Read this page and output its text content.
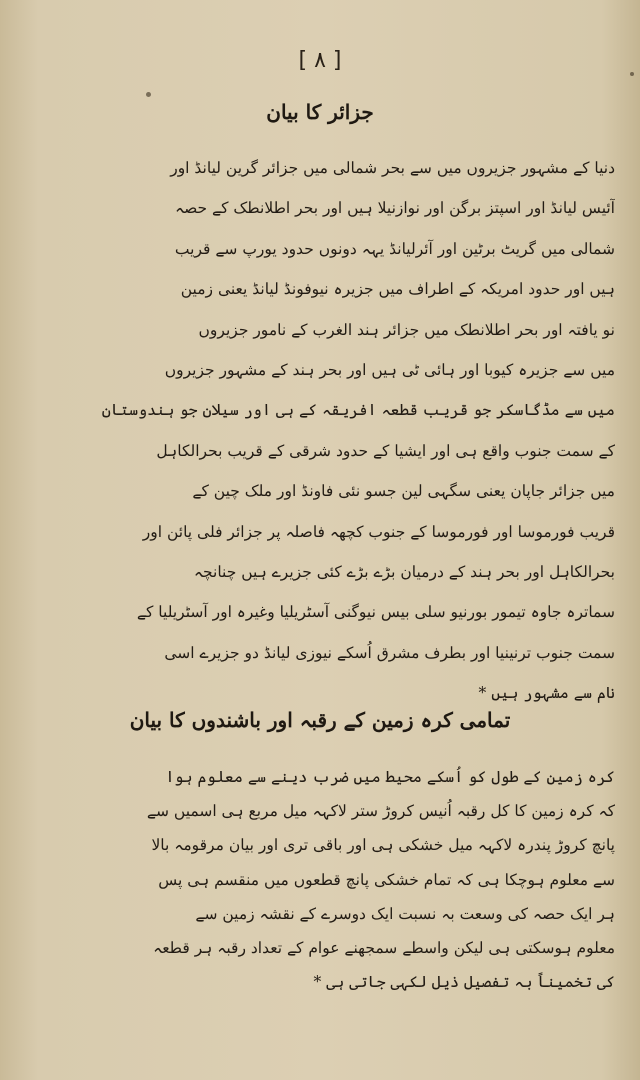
[ ٨ ]
جزائر کا بیان
دنیا کے مشہور جزیروں میں سے بحر شمالی میں جزائر گرین لیانڈ اور
آئیس لیانڈ اور اسپتز برگن اور نوازنیلا ہیں اور بحر اطلانطک کے حصہ
شمالی میں گریٹ برٹین اور آئرلیانڈ یہہ دونوں حدود یورپ سے قریب
ہیں اور حدود امریکہ کے اطراف میں جزیرہ نیوفونڈ لیانڈ یعنی زمین
نو یافتہ اور بحر اطلانطک میں جزائر ہند الغرب کے نامور جزیروں
میں سے جزیرہ کیوبا اور ہائی ٹی ہیں اور بحر ہند کے مشہور جزیروں
میں سے مڈگاسکر جو قریب قطعہ افریقہ کے ہی اور سیلان جو ہندوستان
کے سمت جنوب واقع ہی اور ایشیا کے حدود شرقی کے قریب بحرالکاہل
میں جزائر جاپان یعنی سگہی لین جسو نئی فاونڈ اور ملک چین کے
قریب فورموسا اور فورموسا کے جنوب کچھہ فاصلہ پر جزائر فلی پائن اور
بحرالکاہل اور بحر ہند کے درمیان بڑے بڑے کئی جزیرے ہیں چنانچہ
سماترہ جاوہ تیمور بورنیو سلی بیس نیوگنی آسٹریلیا وغیرہ اور آسٹریلیا کے
سمت جنوب ترنینیا اور بطرف مشرق اُسکے نیوزی لیانڈ دو جزیرے اسی
نام سے مشہور ہیں *
تمامی کرہ زمین کے رقبہ اور باشندوں کا بیان
کرہ زمین کے طول کو اُسکے محیط میں ضرب دینے سے معلوم ہوا
کہ کرہ زمین کا کل رقبہ اُنیس کروڑ ستر لاکہہ میل مربع ہی اسمیں سے
پانچ کروڑ پندرہ لاکہہ میل خشکی ہی اور باقی تری اور بیان مرقومہ بالا
سے معلوم ہوچکا ہی کہ تمام خشکی پانچ قطعوں میں منقسم ہی پس
ہر ایک حصہ کی وسعت بہ نسبت ایک دوسرے کے نقشہ زمین سے
معلوم ہوسکتی ہی لیکن واسطے سمجھنے عوام کے تعداد رقبہ ہر قطعہ
کی تخمیناً بہ تفصیل ذیل لکہی جاتی ہی *
